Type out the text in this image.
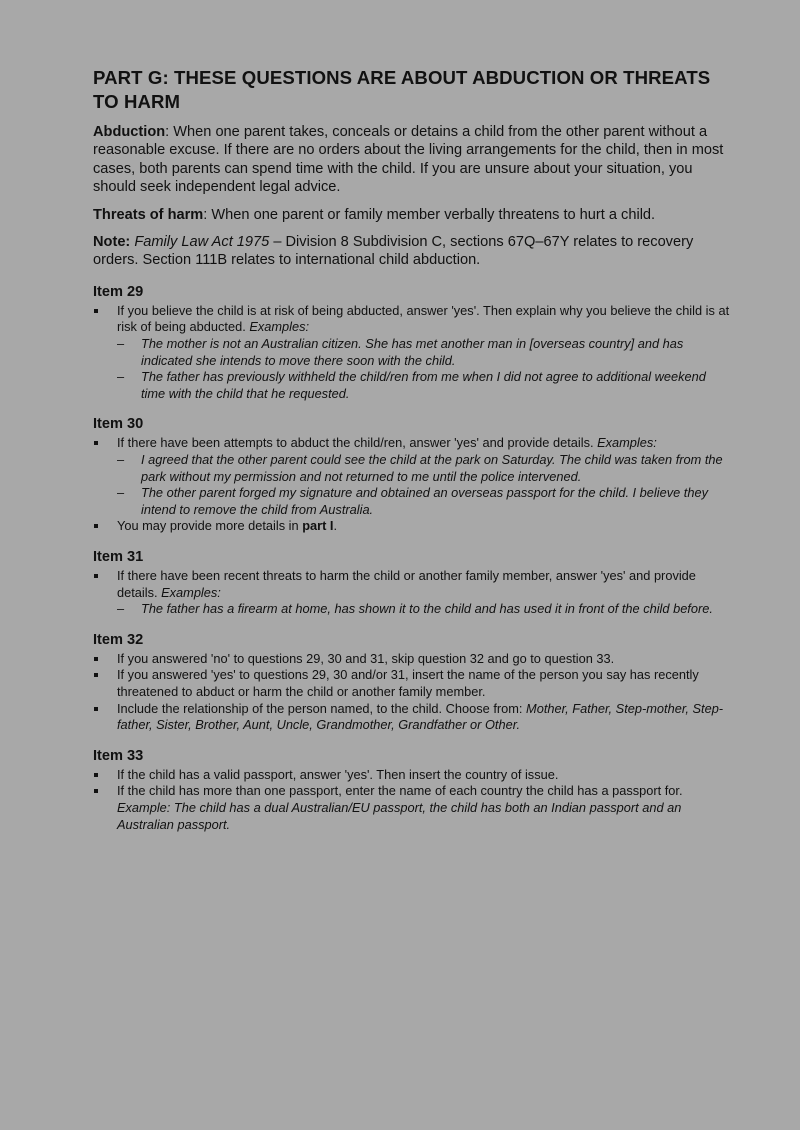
PART G: THESE QUESTIONS ARE ABOUT ABDUCTION OR THREATS TO HARM

Abduction: When one parent takes, conceals or detains a child from the other parent without a reasonable excuse. If there are no orders about the living arrangements for the child, then in most cases, both parents can spend time with the child. If you are unsure about your situation, you should seek independent legal advice.

Threats of harm: When one parent or family member verbally threatens to hurt a child.

Note: Family Law Act 1975 – Division 8 Subdivision C, sections 67Q–67Y relates to recovery orders. Section 111B relates to international child abduction.

Item 29
If you believe the child is at risk of being abducted, answer 'yes'. Then explain why you believe the child is at risk of being abducted. Examples:
– The mother is not an Australian citizen. She has met another man in [overseas country] and has indicated she intends to move there soon with the child.
– The father has previously withheld the child/ren from me when I did not agree to additional weekend time with the child that he requested.
Item 30
If there have been attempts to abduct the child/ren, answer 'yes' and provide details. Examples:
– I agreed that the other parent could see the child at the park on Saturday. The child was taken from the park without my permission and not returned to me until the police intervened.
– The other parent forged my signature and obtained an overseas passport for the child. I believe they intend to remove the child from Australia.
You may provide more details in part I.
Item 31
If there have been recent threats to harm the child or another family member, answer 'yes' and provide details. Examples:
– The father has a firearm at home, has shown it to the child and has used it in front of the child before.
Item 32
If you answered 'no' to questions 29, 30 and 31, skip question 32 and go to question 33.
If you answered 'yes' to questions 29, 30 and/or 31, insert the name of the person you say has recently threatened to abduct or harm the child or another family member.
Include the relationship of the person named, to the child. Choose from: Mother, Father, Step-mother, Step-father, Sister, Brother, Aunt, Uncle, Grandmother, Grandfather or Other.
Item 33
If the child has a valid passport, answer 'yes'. Then insert the country of issue.
If the child has more than one passport, enter the name of each country the child has a passport for. Example: The child has a dual Australian/EU passport, the child has both an Indian passport and an Australian passport.
